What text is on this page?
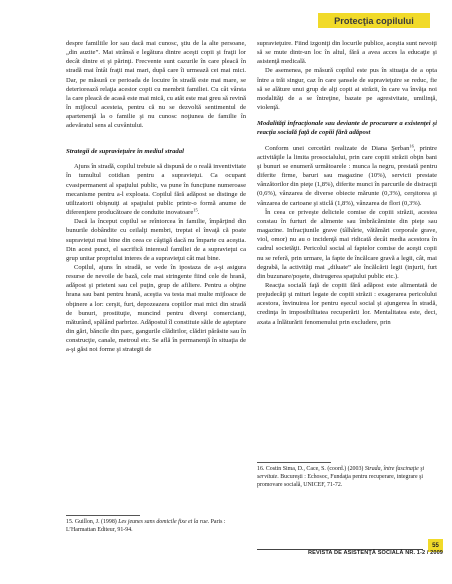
Protecţia copilului

despre familiile lor sau dacă mai cunosc, ştiu de la alte persoane, „din auzite”. Mai strânsă e legătura dintre aceşti copii şi fraţii lor decât dintre ei şi părinţi. Frecvente sunt cazurile în care pleacă în stradă mai întâi fraţii mai mari, după care îi urmează cei mai mici. Dar, pe măsură ce perioada de locuire în stradă este mai mare, se deteriorează relaţia acestor copii cu membrii familiei. Cu cât vârsta la care pleacă de acasă este mai mică, cu atât este mai greu să revină în mijlocul acesteia, pentru că nu se dezvoltă sentimentul de apartenenţă la o familie şi nu cunosc noţiunea de familie în adevăratul sens al cuvântului.

Strategii de supravieţuire în mediul stradal

Ajuns în stradă, copilul trebuie să dispună de o reală inventivitate în tumultul cotidian pentru a supravieţui. Ca ocupant cvasipermanent al spaţiului public, va pune în funcţiune numeroase mecanisme pentru a-l exploata. Copilul fără adăpost se distinge de utilizatorii obişnuiţi ai spaţiului public printr-o formă anume de diferenţiere producătoare de conduite inovatoare$^{15}$.

Dacă la început copilul se reîntorcea în familie, împărţind din bunurile dobândite cu ceilalţi membri, treptat el învaţă că poate supravieţui mai bine din ceea ce câştigă dacă nu împarte cu aceştia. Din acest punct, el sacrifică interesul familiei de a supravieţui ca grup unitar propriului interes de a supravieţui cât mai bine.

Copilul, ajuns în stradă, se vede în ipostaza de a-şi asigura resurse de nevoile de bază, cele mai stringente fiind cele de hrană, adăpost şi prieteni sau cel puţin, grup de afiliere. Pentru a obţine hrana sau bani pentru hrană, aceştia va testa mai multe mijloace de obţinere a lor: cerşit, furt, depozeazera copiilor mai mici din stradă de bunuri, prostituţie, muncind pentru diverşi comercianţi, măturând, spălând parbrize. Adăpostul îl constituie săile de aşteptare din gări, băncile din parc, gangurile clădirilor, clădiri părăsite sau în construcţie, canale, metroul etc. Se află în permanenţă în situaţia de a-şi găsi noi forme şi strategii de

supravieţuire. Fiind izgoniţi din locurile publice, aceştia sunt nevoiţi să se mute dintr-un loc în altul, fără a avea acces la educaţie şi asistenţă medicală.

De asemenea, pe măsură copilul este pus în situaţia de a opta între a trăi singur, caz în care şansele de supravieţuire se reduc, fie să se alăture unui grup de alţi copii ai străzii, în care va învăţa noi modalităţi de a se întreţine, bazate pe agresivitate, umilinţă, violenţă.

Modalităţi infracţionale sau deviante de procurare a existenţei şi reacţia socială faţă de copiii fără adăpost

Conform unei cercetări realizate de Diana Şerban$^{16}$, printre activităţile la limita prosocialului, prin care copiii străzii obţin bani şi bunuri se enumeră următoarele : munca la negru, prestată pentru diferite firme, baruri sau magazine (10%), servicii prestate vânzătorilor din pieţe (1,8%), diferite munci în parcurile de distracţii (0,6%), vânzarea de diverse obiecte mărunte (0,3%), cerşitorea şi vânzarea de cartoane şi sticlă (1,8%), vânzarea de flori (0,3%).

În ceea ce priveşte delictele comise de copiii străzii, acestea constau în furturi de alimente sau îmbrăcăminte din pieţe sau magazine. Infracţiunile grave (tâlhărie, vătămări corporale grave, viol, omor) nu au o incidenţă mai ridicată decât media acestora în cadrul societăţii. Pericolul social al faptelor comise de aceşti copii nu se referă, prin urmare, la fapte de încălcare gravă a legii, cât, mai degrabă, la activităţi mai „diluate” ale încălcării legii (injurii, furt din buzunare/poşete, distrugerea spaţiului public etc.).

Reacţia socială faţă de copiii fără adăpost este alimentată de prejudecăţi şi mituri legate de copiii străzii : exagerarea pericolului acestora, învinuirea lor pentru eşecul social şi ajungerea în stradă, credinţa în imposibilitatea recuperării lor. Mentalitatea este, deci, axata a înlăturării fenomenului prin excludere, prin

15. Guillon, J. (1998) Les jeunes sans domicile fixe et la rue. Paris : L’Harmattan Editeur, 91-94.
16. Costin Sima, D., Cace, S. (coord.) (2003) Strada, între fascinaţie şi servitute. Bucureşti : Echosoc, Fundaţia pentru recuperare, integrare şi promovare socială, UNICEF, 71-72.
55
REVISTA DE ASISTENŢĂ SOCIALĂ NR. 1-2 / 2009
